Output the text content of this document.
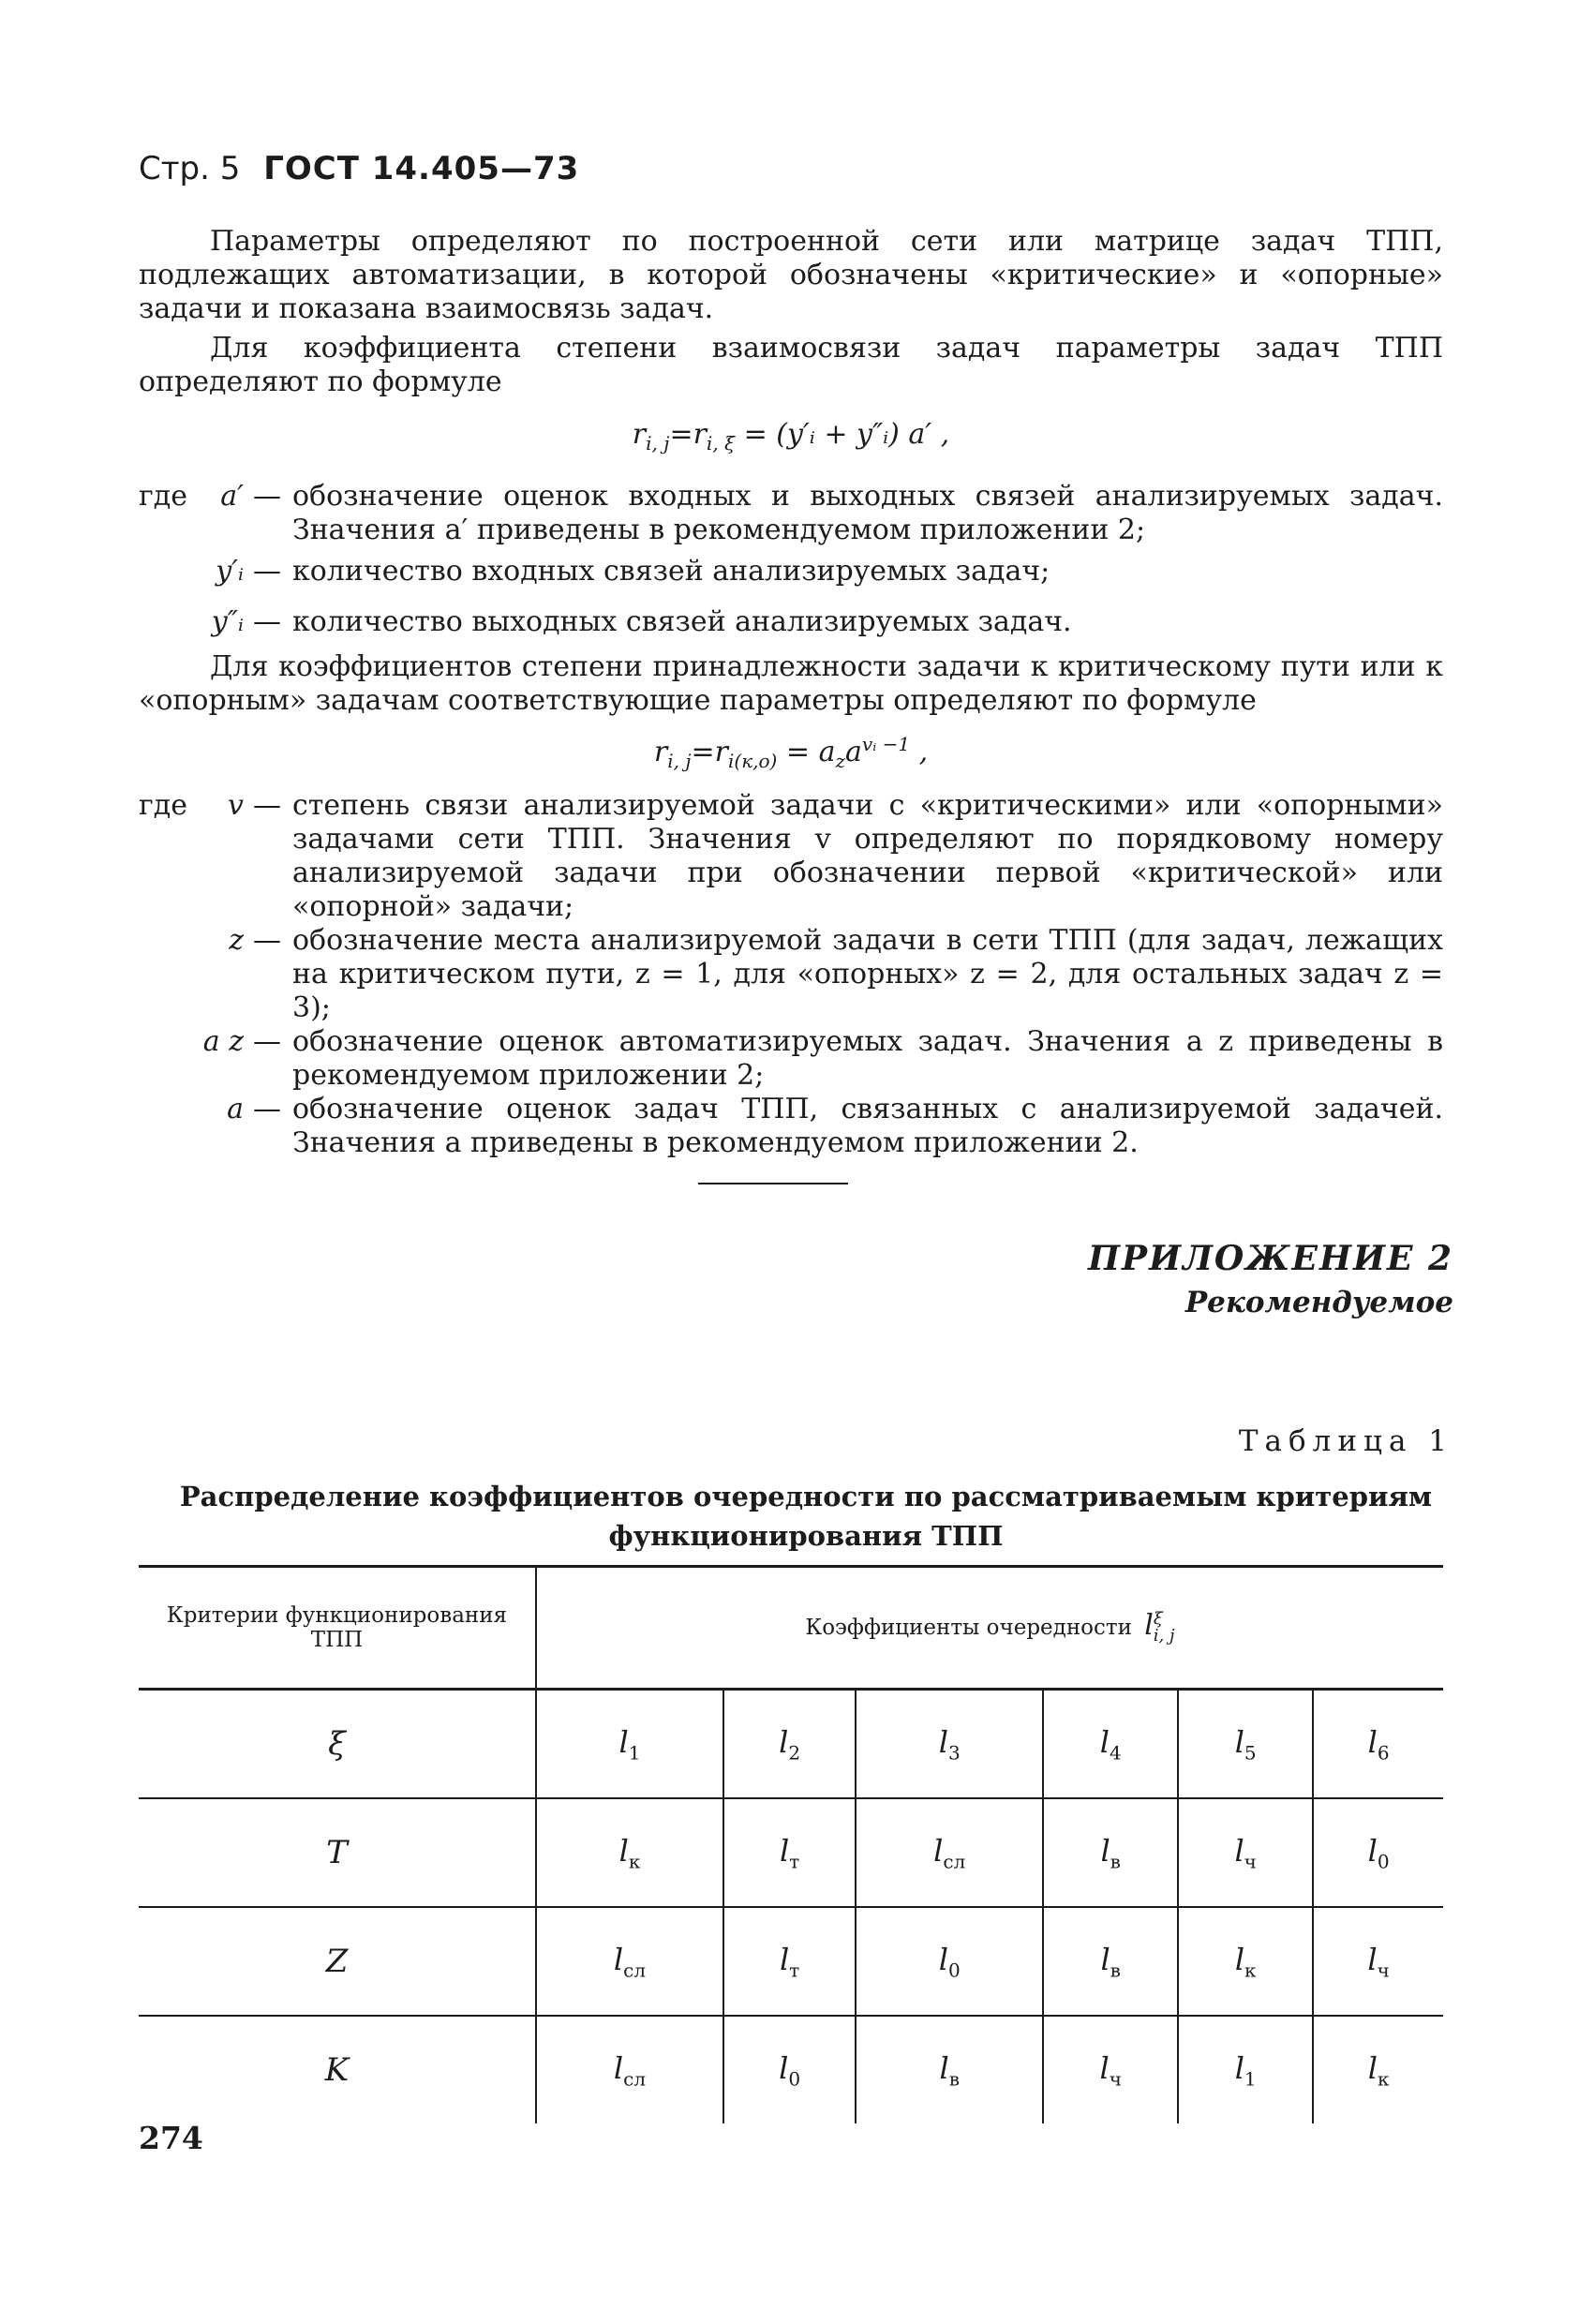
Стр. 5 ГОСТ 14.405—73
Параметры определяют по построенной сети или матрице задач ТПП, подлежащих автоматизации, в которой обозначены «критические» и «опорные» задачи и показана взаимосвязь задач.
Для коэффициента степени взаимосвязи задач параметры задач ТПП определяют по формуле
$r_{i, j}=r_{i, \xi}$ = (y′ᵢ + y″ᵢ) a′ ,
где	a′ — обозначение оценок входных и выходных связей анализируемых задач. Значения a′ приведены в рекомендуемом приложении 2;
y′ᵢ — количество входных связей анализируемых задач;
y″ᵢ — количество выходных связей анализируемых задач.
Для коэффициентов степени принадлежности задачи к критическому пути или к «опорным» задачам соответствующие параметры определяют по формуле
$r_{i, j}=r_{i(к,о)} = a_za^{vᵢ -1}$ ,
где	v — степень связи анализируемой задачи с «критическими» или «опорными» задачами сети ТПП. Значения v определяют по порядковому номеру анализируемой задачи при обозначении первой «критической» или «опорной» задачи;
z — обозначение места анализируемой задачи в сети ТПП (для задач, лежащих на критическом пути, z = 1, для «опорных» z = 2, для остальных задач z = 3);
a z — обозначение оценок автоматизируемых задач. Значения a z приведены в рекомендуемом приложении 2;
a — обозначение оценок задач ТПП, связанных с анализируемой задачей. Значения a приведены в рекомендуемом приложении 2.
ПРИЛОЖЕНИЕ 2
Рекомендуемое
Таблица 1
Распределение коэффициентов очередности по рассматриваемым критериям функционирования ТПП
Критерии функционирования ТПП	Коэффициенты очередности $l^\xi_{i, j}$
ξ	$l_1$	$l_2$	$l_3$	$l_4$	$l_5$	$l_6$
T	$l_к$	$l_т$	$l_{сл}$	$l_в$	$l_ч$	$l_0$
Z	$l_{сл}$	$l_т$	$l_0$	$l_в$	$l_к$	$l_ч$
K	$l_{сл}$	$l_0$	$l_в$	$l_ч$	$l_1$	$l_к$
274
